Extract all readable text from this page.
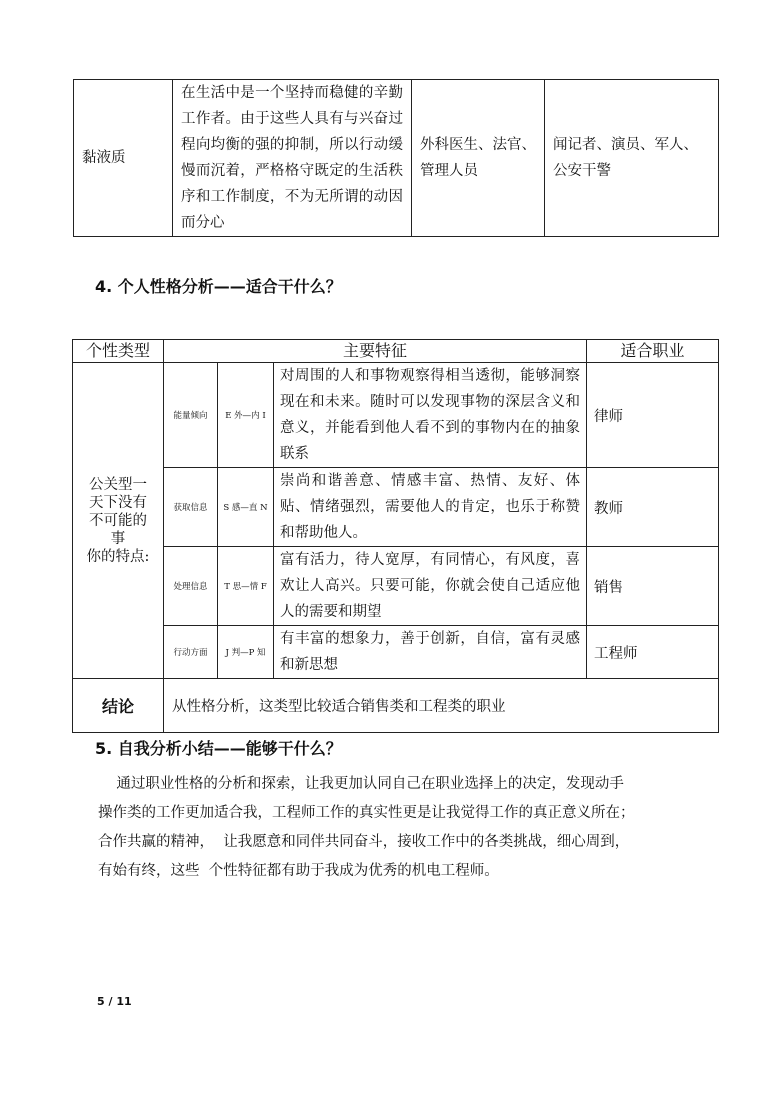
黏液质	在生活中是一个坚持而稳健的辛勤工作者。由于这些人具有与兴奋过程向均衡的强的抑制，所以行动缓慢而沉着，严格格守既定的生活秩序和工作制度，不为无所谓的动因而分心	外科医生、法官、管理人员	闻记者、演员、军人、公安干警
4. 个人性格分析——适合干什么？
个性类型	主要特征			适合职业

公关型一
天下没有
不可能的
事
你的特点:	能量倾向	E 外—内 I	对周围的人和事物观察得相当透彻，能够洞察现在和未来。随时可以发现事物的深层含义和意义，并能看到他人看不到的事物内在的抽象联系	律师
	获取信息	S 感—直 N	崇尚和谐善意、情感丰富、热情、友好、体贴、情绪强烈，需要他人的肯定，也乐于称赞和帮助他人。	教师
	处理信息	T 思—情 F	富有活力，待人宽厚，有同情心，有风度，喜欢让人高兴。只要可能，你就会使自己适应他人的需要和期望	销售
	行动方面	J 判—P 知	有丰富的想象力，善于创新，自信，富有灵感和新思想	工程师
结论	从性格分析，这类型比较适合销售类和工程类的职业			
5. 自我分析小结——能够干什么？

通过职业性格的分析和探索，让我更加认同自己在职业选择上的决定，发现动手

操作类的工作更加适合我，工程师工作的真实性更是让我觉得工作的真正意义所在；

合作共赢的精神，  让我愿意和同伴共同奋斗，接收工作中的各类挑战，细心周到，

有始有终，这些  个性特征都有助于我成为优秀的机电工程师。

5 / 11
